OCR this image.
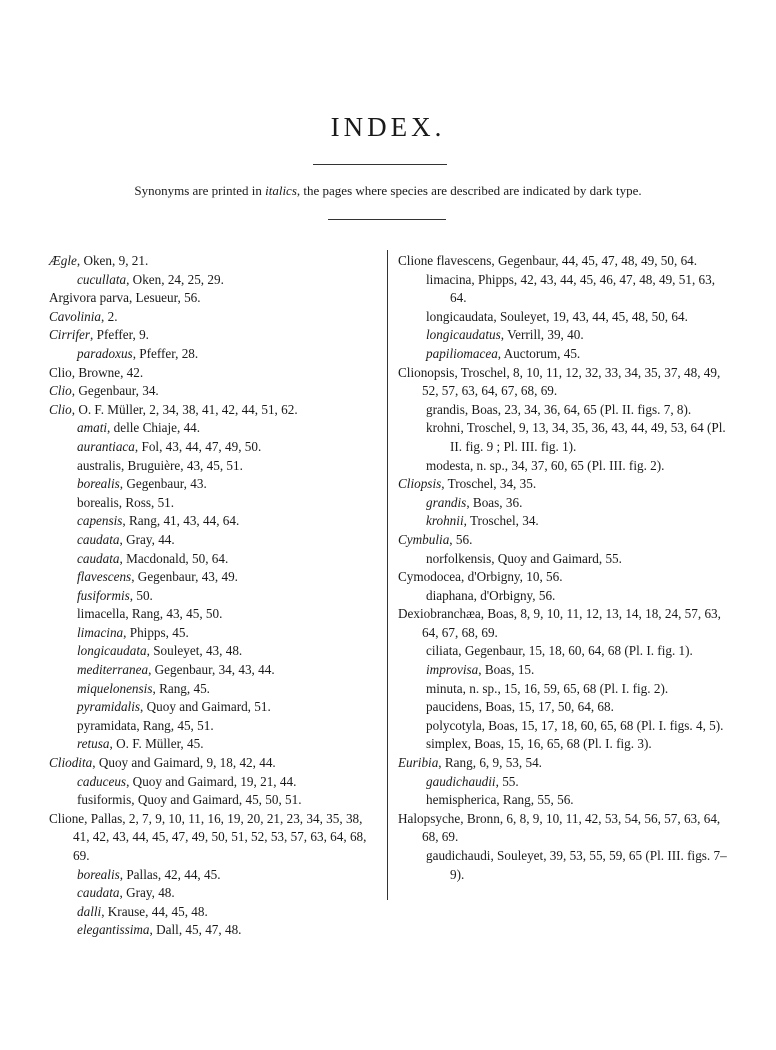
INDEX.
Synonyms are printed in italics, the pages where species are described are indicated by dark type.

Ægle, Oken, 9, 21.

cucullata, Oken, 24, 25, 29.

Argivora parva, Lesueur, 56.

Cavolinia, 2.

Cirrifer, Pfeffer, 9.

paradoxus, Pfeffer, 28.

Clio, Browne, 42.

Clio, Gegenbaur, 34.

Clio, O. F. Müller, 2, 34, 38, 41, 42, 44, 51, 62.

amati, delle Chiaje, 44.

aurantiaca, Fol, 43, 44, 47, 49, 50.

australis, Bruguière, 43, 45, 51.

borealis, Gegenbaur, 43.

borealis, Ross, 51.

capensis, Rang, 41, 43, 44, 64.

caudata, Gray, 44.

caudata, Macdonald, 50, 64.

flavescens, Gegenbaur, 43, 49.

fusiformis, 50.

limacella, Rang, 43, 45, 50.

limacina, Phipps, 45.

longicaudata, Souleyet, 43, 48.

mediterranea, Gegenbaur, 34, 43, 44.

miquelonensis, Rang, 45.

pyramidalis, Quoy and Gaimard, 51.

pyramidata, Rang, 45, 51.

retusa, O. F. Müller, 45.

Cliodita, Quoy and Gaimard, 9, 18, 42, 44.

caduceus, Quoy and Gaimard, 19, 21, 44.

fusiformis, Quoy and Gaimard, 45, 50, 51.

Clione, Pallas, 2, 7, 9, 10, 11, 16, 19, 20, 21, 23, 34, 35, 38, 41, 42, 43, 44, 45, 47, 49, 50, 51, 52, 53, 57, 63, 64, 68, 69.

borealis, Pallas, 42, 44, 45.

caudata, Gray, 48.

dalli, Krause, 44, 45, 48.

elegantissima, Dall, 45, 47, 48.

Clione flavescens, Gegenbaur, 44, 45, 47, 48, 49, 50, 64.

limacina, Phipps, 42, 43, 44, 45, 46, 47, 48, 49, 51, 63, 64.

longicaudata, Souleyet, 19, 43, 44, 45, 48, 50, 64.

longicaudatus, Verrill, 39, 40.

papiliomacea, Auctorum, 45.

Clionopsis, Troschel, 8, 10, 11, 12, 32, 33, 34, 35, 37, 48, 49, 52, 57, 63, 64, 67, 68, 69.

grandis, Boas, 23, 34, 36, 64, 65 (Pl. II. figs. 7, 8).

krohni, Troschel, 9, 13, 34, 35, 36, 43, 44, 49, 53, 64 (Pl. II. fig. 9 ; Pl. III. fig. 1).

modesta, n. sp., 34, 37, 60, 65 (Pl. III. fig. 2).

Cliopsis, Troschel, 34, 35.

grandis, Boas, 36.

krohnii, Troschel, 34.

Cymbulia, 56.

norfolkensis, Quoy and Gaimard, 55.

Cymodocea, d'Orbigny, 10, 56.

diaphana, d'Orbigny, 56.

Dexiobranchæa, Boas, 8, 9, 10, 11, 12, 13, 14, 18, 24, 57, 63, 64, 67, 68, 69.

ciliata, Gegenbaur, 15, 18, 60, 64, 68 (Pl. I. fig. 1).

improvisa, Boas, 15.

minuta, n. sp., 15, 16, 59, 65, 68 (Pl. I. fig. 2).

paucidens, Boas, 15, 17, 50, 64, 68.

polycotyla, Boas, 15, 17, 18, 60, 65, 68 (Pl. I. figs. 4, 5).

simplex, Boas, 15, 16, 65, 68 (Pl. I. fig. 3).

Euribia, Rang, 6, 9, 53, 54.

gaudichaudii, 55.

hemispherica, Rang, 55, 56.

Halopsyche, Bronn, 6, 8, 9, 10, 11, 42, 53, 54, 56, 57, 63, 64, 68, 69.

gaudichaudi, Souleyet, 39, 53, 55, 59, 65 (Pl. III. figs. 7–9).
